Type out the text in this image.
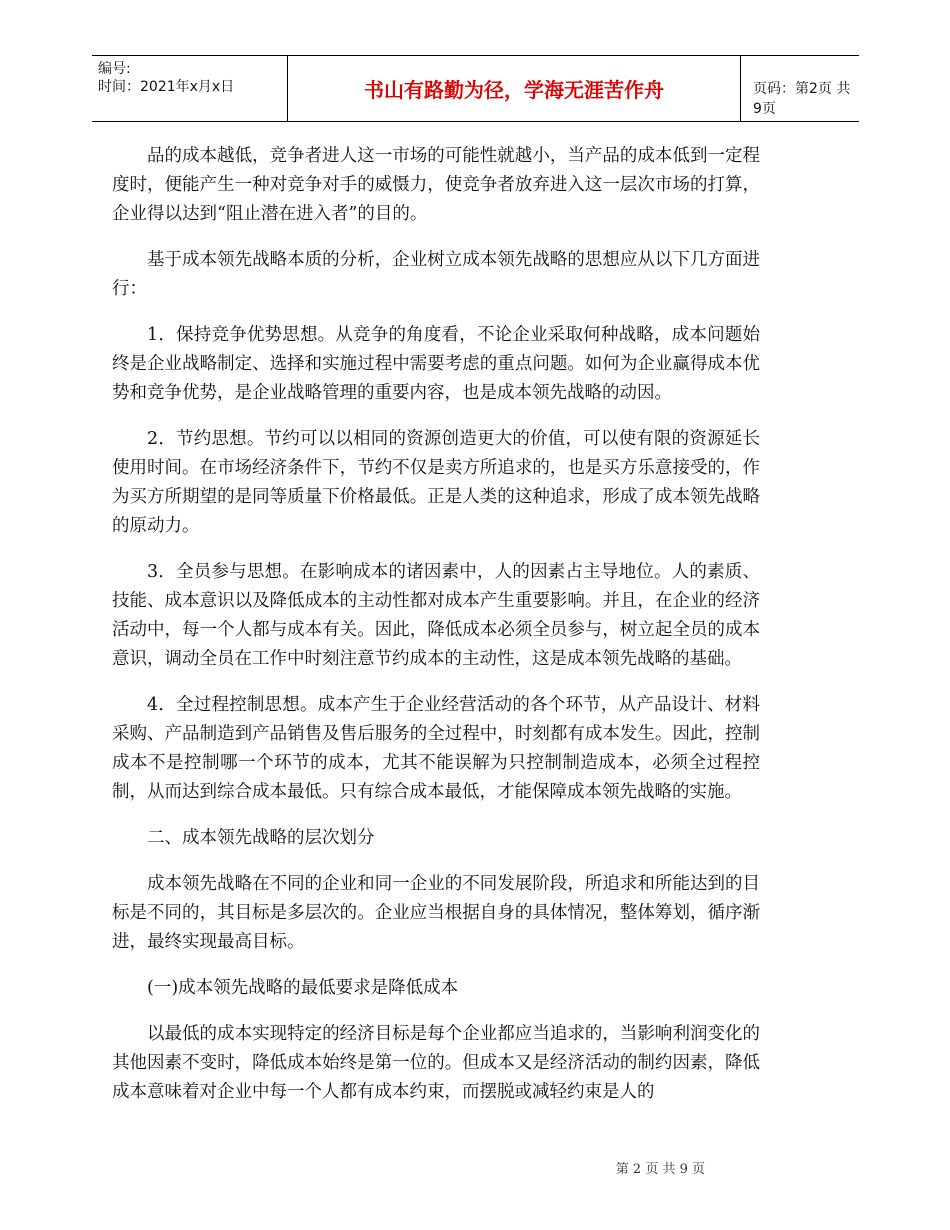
编号:
时间：2021年x月x日	书山有路勤为径，学海无涯苦作舟	页码：第2页 共9页

品的成本越低，竞争者进人这一市场的可能性就越小，当产品的成本低到一定程度时，便能产生一种对竞争对手的威慑力，使竞争者放弃进入这一层次市场的打算，企业得以达到“阻止潜在进入者”的目的。

基于成本领先战略本质的分析，企业树立成本领先战略的思想应从以下几方面进行：

1．保持竞争优势思想。从竞争的角度看，不论企业采取何种战略，成本问题始终是企业战略制定、选择和实施过程中需要考虑的重点问题。如何为企业赢得成本优势和竞争优势，是企业战略管理的重要内容，也是成本领先战略的动因。

2．节约思想。节约可以以相同的资源创造更大的价值，可以使有限的资源延长使用时间。在市场经济条件下，节约不仅是卖方所追求的，也是买方乐意接受的，作为买方所期望的是同等质量下价格最低。正是人类的这种追求，形成了成本领先战略的原动力。

3．全员参与思想。在影响成本的诸因素中，人的因素占主导地位。人的素质、技能、成本意识以及降低成本的主动性都对成本产生重要影响。并且，在企业的经济活动中，每一个人都与成本有关。因此，降低成本必须全员参与，树立起全员的成本意识，调动全员在工作中时刻注意节约成本的主动性，这是成本领先战略的基础。

4．全过程控制思想。成本产生于企业经营活动的各个环节，从产品设计、材料采购、产品制造到产品销售及售后服务的全过程中，时刻都有成本发生。因此，控制成本不是控制哪一个环节的成本，尤其不能误解为只控制制造成本，必须全过程控制，从而达到综合成本最低。只有综合成本最低，才能保障成本领先战略的实施。

二、成本领先战略的层次划分

成本领先战略在不同的企业和同一企业的不同发展阶段，所追求和所能达到的目标是不同的，其目标是多层次的。企业应当根据自身的具体情况，整体筹划，循序渐进，最终实现最高目标。

(一)成本领先战略的最低要求是降低成本

以最低的成本实现特定的经济目标是每个企业都应当追求的，当影响利润变化的其他因素不变时，降低成本始终是第一位的。但成本又是经济活动的制约因素，降低成本意味着对企业中每一个人都有成本约束，而摆脱或减轻约束是人的

第 2 页 共 9 页
